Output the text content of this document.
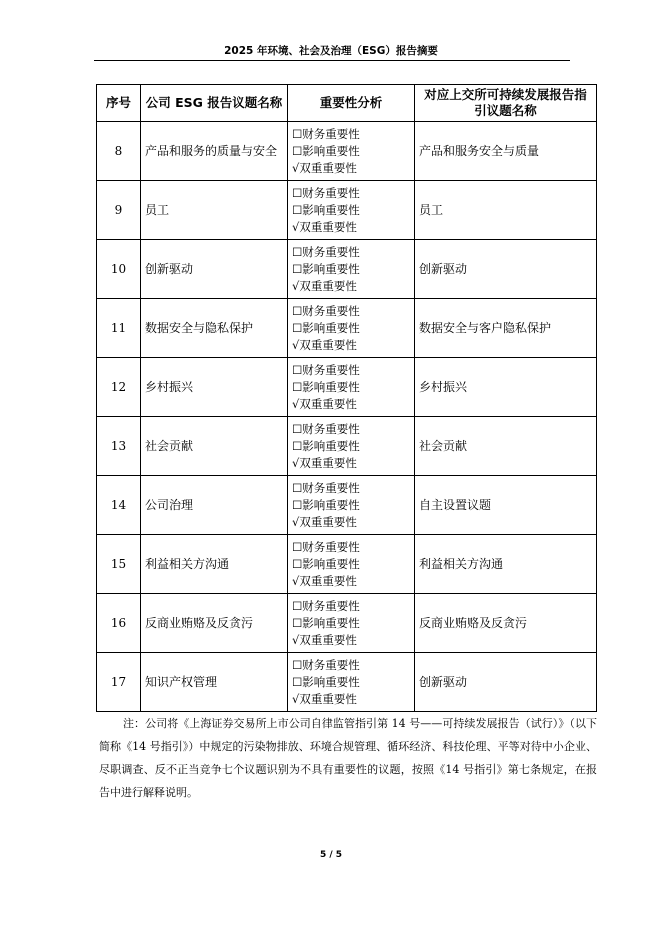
2025 年环境、社会及治理（ESG）报告摘要
序号	公司 ESG 报告议题名称	重要性分析	对应上交所可持续发展报告指引议题名称
8	产品和服务的质量与安全	☐财务重要性
☐影响重要性
√双重重要性	产品和服务安全与质量
9	员工	☐财务重要性
☐影响重要性
√双重重要性	员工
10	创新驱动	☐财务重要性
☐影响重要性
√双重重要性	创新驱动
11	数据安全与隐私保护	☐财务重要性
☐影响重要性
√双重重要性	数据安全与客户隐私保护
12	乡村振兴	☐财务重要性
☐影响重要性
√双重重要性	乡村振兴
13	社会贡献	☐财务重要性
☐影响重要性
√双重重要性	社会贡献
14	公司治理	☐财务重要性
☐影响重要性
√双重重要性	自主设置议题
15	利益相关方沟通	☐财务重要性
☐影响重要性
√双重重要性	利益相关方沟通
16	反商业贿赂及反贪污	☐财务重要性
☐影响重要性
√双重重要性	反商业贿赂及反贪污
17	知识产权管理	☐财务重要性
☐影响重要性
√双重重要性	创新驱动

注：公司将《上海证券交易所上市公司自律监管指引第 14 号——可持续发展报告（试行）》（以下简称《14 号指引》）中规定的污染物排放、环境合规管理、循环经济、科技伦理、平等对待中小企业、尽职调查、反不正当竞争七个议题识别为不具有重要性的议题，按照《14 号指引》第七条规定，在报告中进行解释说明。

5 / 5
